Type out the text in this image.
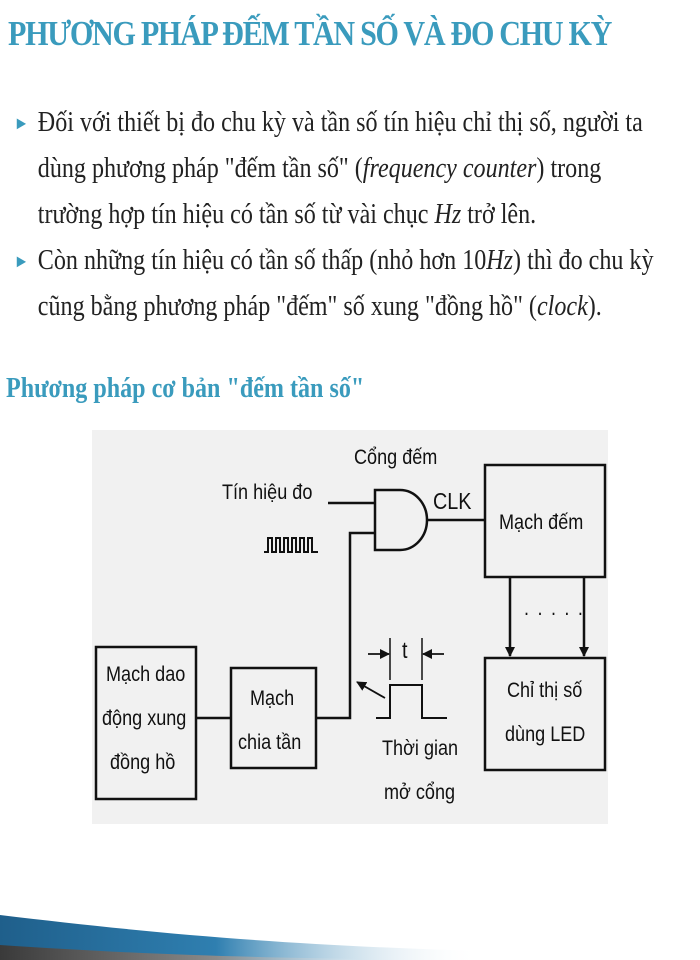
PHƯƠNG PHÁP ĐẾM TẦN SỐ VÀ ĐO CHU KỲ
► Đối với thiết bị đo chu kỳ và tần số tín hiệu chỉ thị số, người ta dùng phương pháp "đếm tần số" (frequency counter) trong trường hợp tín hiệu có tần số từ vài chục Hz trở lên.
► Còn những tín hiệu có tần số thấp (nhỏ hơn 10Hz) thì đo chu kỳ cũng bằng phương pháp "đếm" số xung "đồng hồ" (clock).
Phương pháp cơ bản "đếm tần số"
Cổng đếm
Tín hiệu đo	CLK
Mạch đếm
. . . . .
Chỉ thị số
dùng LED
Mạch dao
động xung
đồng hồ
Mạch
chia tần
t
Thời gian
mở cổng
